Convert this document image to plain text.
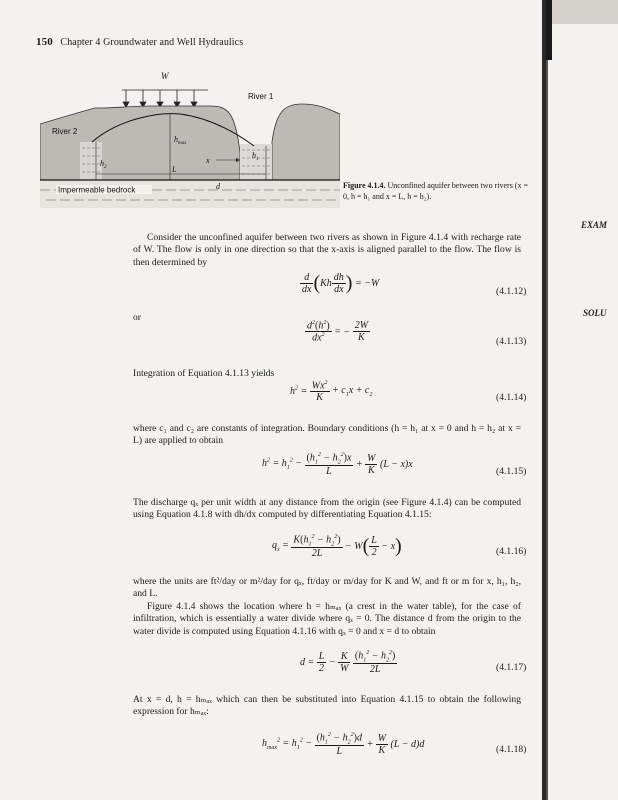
150 Chapter 4 Groundwater and Well Hydraulics
W
River 1
River 2
$h_{max}$
$h_1$
$h_2$
x
L
d
Impermeable bedrock	Figure 4.1.4. Unconfined aquifer between two rivers (x = 0, h = h₁ and x = L, h = h₂).
Consider the unconfined aquifer between two rivers as shown in Figure 4.1.4 with recharge rate of W. The flow is only in one direction so that the x-axis is aligned parallel to the flow. The flow is then determined by
$\frac{d}{dx} (Kh \frac{dh}{dx}$ ) = −W
(4.1.12)
or
$\frac{d^2(h^2)}{dx^2}$ = − $\frac{2W}{K}$	(4.1.13)
Integration of Equation 4.1.13 yields
$h^2 = \frac{Wx^2}{K} + c_1x + c_2$	(4.1.14)
where c₁ and c₂ are constants of integration. Boundary conditions (h = h₁ at x = 0 and h = h₂ at x = L) are applied to obtain
$h^2 = h_1^2 - \frac{(h_1^2 - h_2^2)x}{L} + \frac{W}{K} (L - x)x$
(4.1.15)
The discharge qₓ per unit width at any distance from the origin (see Figure 4.1.4) can be computed using Equation 4.1.8 with dh/dx computed by differentiating Equation 4.1.15:
$q_x = \frac{K(h_1^2 - h_2^2)}{2L} - W( \frac{L}{2} - x)$	(4.1.16)
where the units are ft²/day or m²/day for qₓ, ft/day or m/day for K and W, and ft or m for x, h₁, h₂, and L.
Figure 4.1.4 shows the location where h = hₘₐₓ (a crest in the water table), for the case of infiltration, which is essentially a water divide where qₓ = 0. The distance d from the origin to the water divide is computed using Equation 4.1.16 with qₓ = 0 and x = d to obtain
$d = \frac{L}{2} - \frac{K}{W}$
$\frac{(h_1^2 - h_2^2)}{2L}$	(4.1.17)
At x = d, h = hₘₐₓ which can then be substituted into Equation 4.1.15 to obtain the following expression for hₘₐₓ:
$h_{max}^2 = h_1^2 - \frac{(h_1^2 - h_2^2)d}{L} + \frac{W}{K} (L - d)d$	(4.1.18)
EXAM
SOLU
